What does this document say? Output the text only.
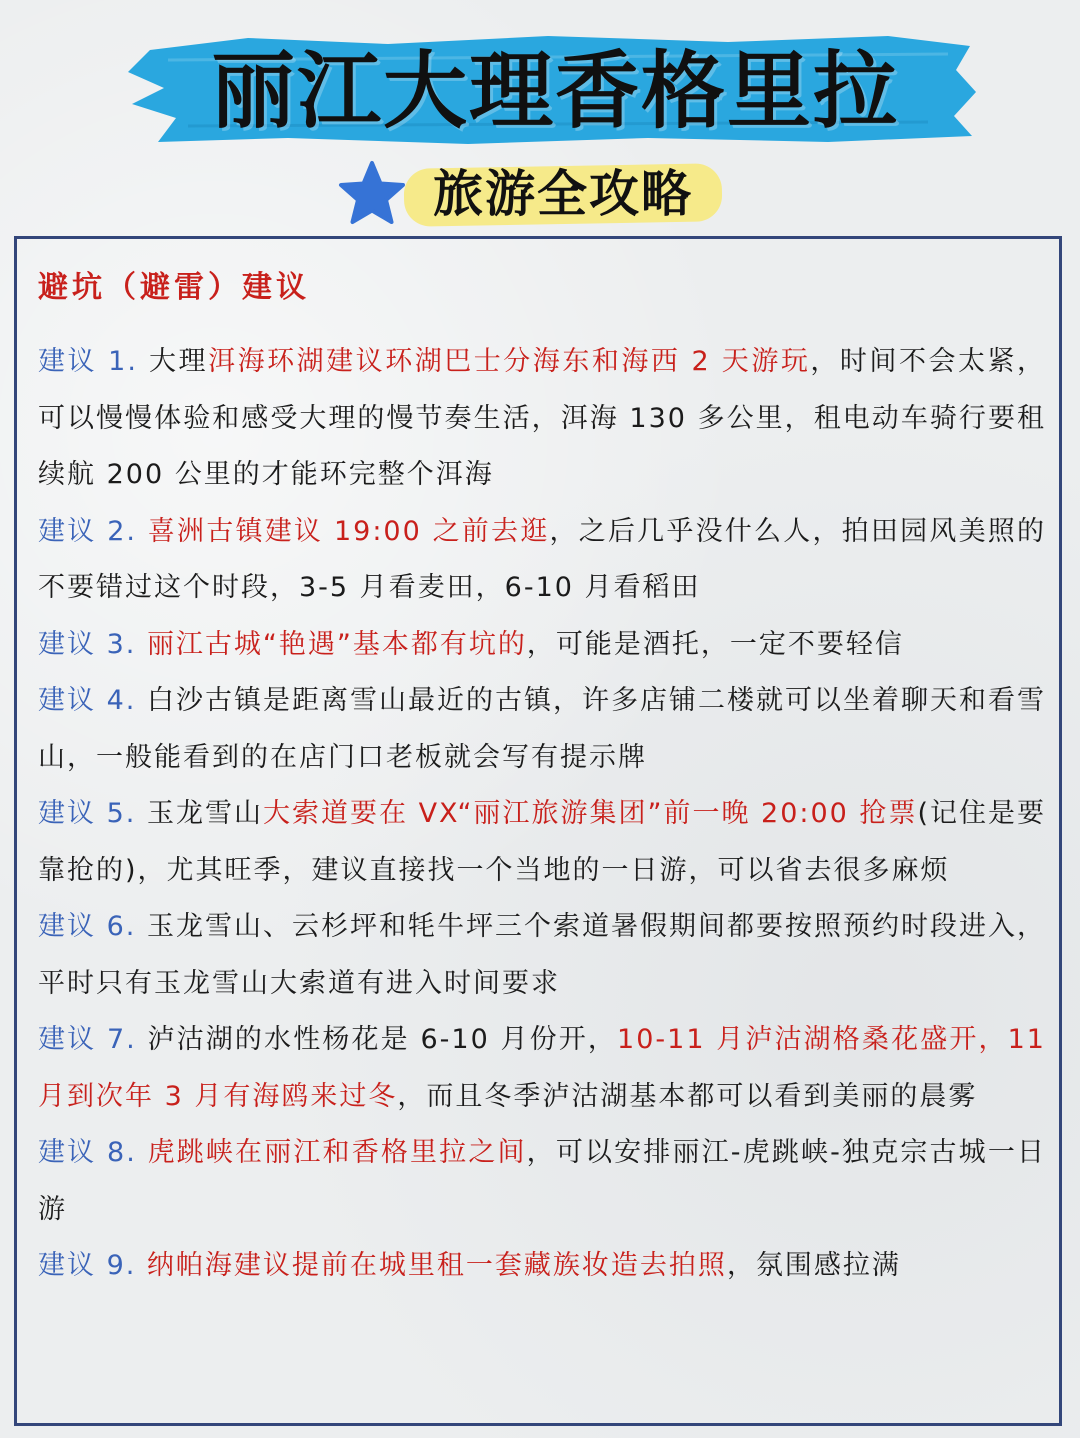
丽江大理香格里拉
旅游全攻略
避坑（避雷）建议
建议 1. 大理洱海环湖建议环湖巴士分海东和海西 2 天游玩，时间不会太紧，可以慢慢体验和感受大理的慢节奏生活，洱海 130 多公里，租电动车骑行要租续航 200 公里的才能环完整个洱海
建议 2. 喜洲古镇建议 19:00 之前去逛，之后几乎没什么人，拍田园风美照的不要错过这个时段，3-5 月看麦田，6-10 月看稻田
建议 3. 丽江古城“艳遇”基本都有坑的，可能是酒托，一定不要轻信
建议 4. 白沙古镇是距离雪山最近的古镇，许多店铺二楼就可以坐着聊天和看雪山，一般能看到的在店门口老板就会写有提示牌
建议 5. 玉龙雪山大索道要在 VX“丽江旅游集团”前一晚 20:00 抢票(记住是要靠抢的)，尤其旺季，建议直接找一个当地的一日游，可以省去很多麻烦
建议 6. 玉龙雪山、云杉坪和牦牛坪三个索道暑假期间都要按照预约时段进入，平时只有玉龙雪山大索道有进入时间要求
建议 7. 泸沽湖的水性杨花是 6-10 月份开，10-11 月泸沽湖格桑花盛开，11 月到次年 3 月有海鸥来过冬，而且冬季泸沽湖基本都可以看到美丽的晨雾
建议 8. 虎跳峡在丽江和香格里拉之间，可以安排丽江-虎跳峡-独克宗古城一日游
建议 9. 纳帕海建议提前在城里租一套藏族妆造去拍照，氛围感拉满
